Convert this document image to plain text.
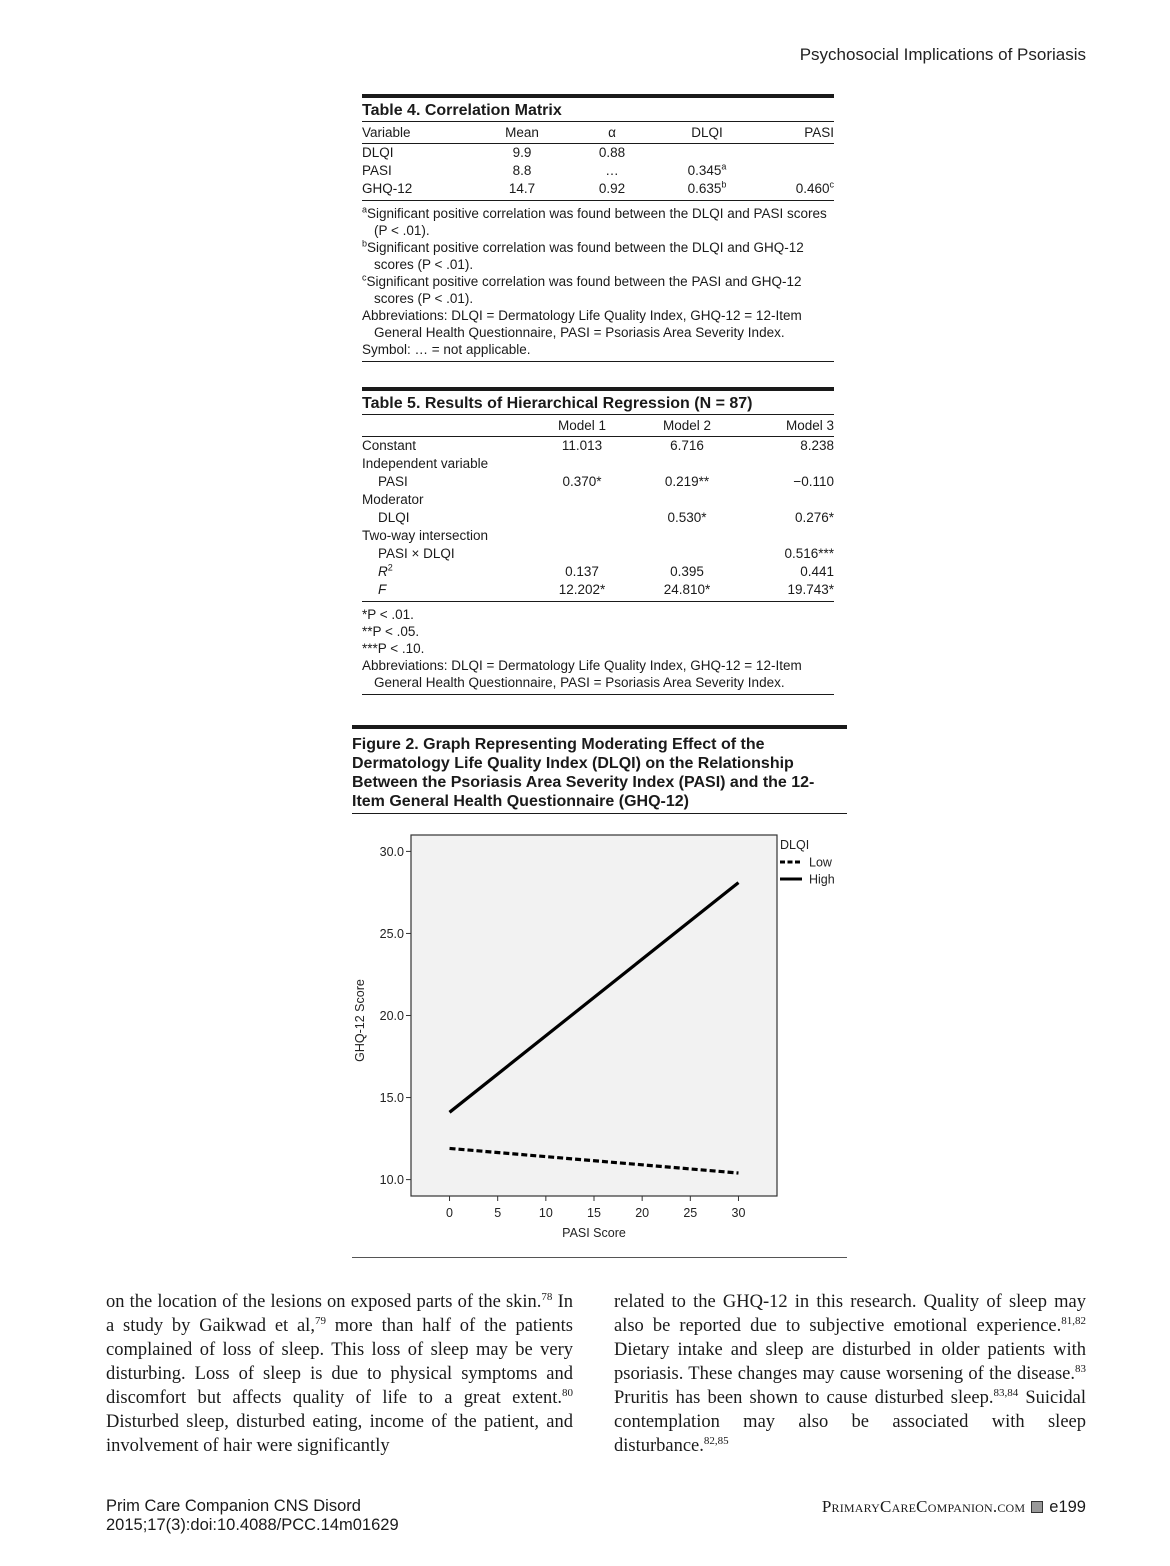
Psychosocial Implications of Psoriasis
Table 4. Correlation Matrix
Variable	Mean	α	DLQI	PASI
DLQI	9.9	0.88		
PASI	8.8	…	0.345$^a$	
GHQ-12	14.7	0.92	0.635$^b$	0.460$^c$
$^a$Significant positive correlation was found between the DLQI and PASI scores (P < .01).
$^b$Significant positive correlation was found between the DLQI and GHQ-12 scores (P < .01).
$^c$Significant positive correlation was found between the PASI and GHQ-12 scores (P < .01).
Abbreviations: DLQI = Dermatology Life Quality Index, GHQ-12 = 12-Item General Health Questionnaire, PASI = Psoriasis Area Severity Index.
Symbol: … = not applicable.
Table 5. Results of Hierarchical Regression (N = 87)
	Model 1	Model 2	Model 3
Constant	11.013	6.716	8.238
Independent variable			
PASI	0.370*	0.219**	−0.110
Moderator			
DLQI		0.530*	0.276*
Two-way intersection			
PASI × DLQI			0.516***
$R^2$	0.137	0.395	0.441
F	12.202*	24.810*	19.743*
*P < .01.
**P < .05.
***P < .10.
Abbreviations: DLQI = Dermatology Life Quality Index, GHQ-12 = 12-Item General Health Questionnaire, PASI = Psoriasis Area Severity Index.
Figure 2. Graph Representing Moderating Effect of the Dermatology Life Quality Index (DLQI) on the Relationship Between the Psoriasis Area Severity Index (PASI) and the 12-Item General Health Questionnaire (GHQ-12)
10.0
15.0
20.0
25.0
30.0
0	5	10	15	20	25	30
PASI Score
GHQ-12 Score
DLQI
Low
High
on the location of the lesions on exposed parts of the skin.$^{78}$ In a study by Gaikwad et al,$^{79}$ more than half of the patients complained of loss of sleep. This loss of sleep may be very disturbing. Loss of sleep is due to physical symptoms and discomfort but affects quality of life to a great extent.$^{80}$ Disturbed sleep, disturbed eating, income of the patient, and involvement of hair were significantly
related to the GHQ-12 in this research. Quality of sleep may also be reported due to subjective emotional experience.$^{81,82}$ Dietary intake and sleep are disturbed in older patients with psoriasis. These changes may cause worsening of the disease.$^{83}$ Pruritis has been shown to cause disturbed sleep.$^{83,84}$ Suicidal contemplation may also be associated with sleep disturbance.$^{82,85}$
Prim Care Companion CNS Disord
2015;17(3):doi:10.4088/PCC.14m01629
PrimaryCareCompanion.com e199
